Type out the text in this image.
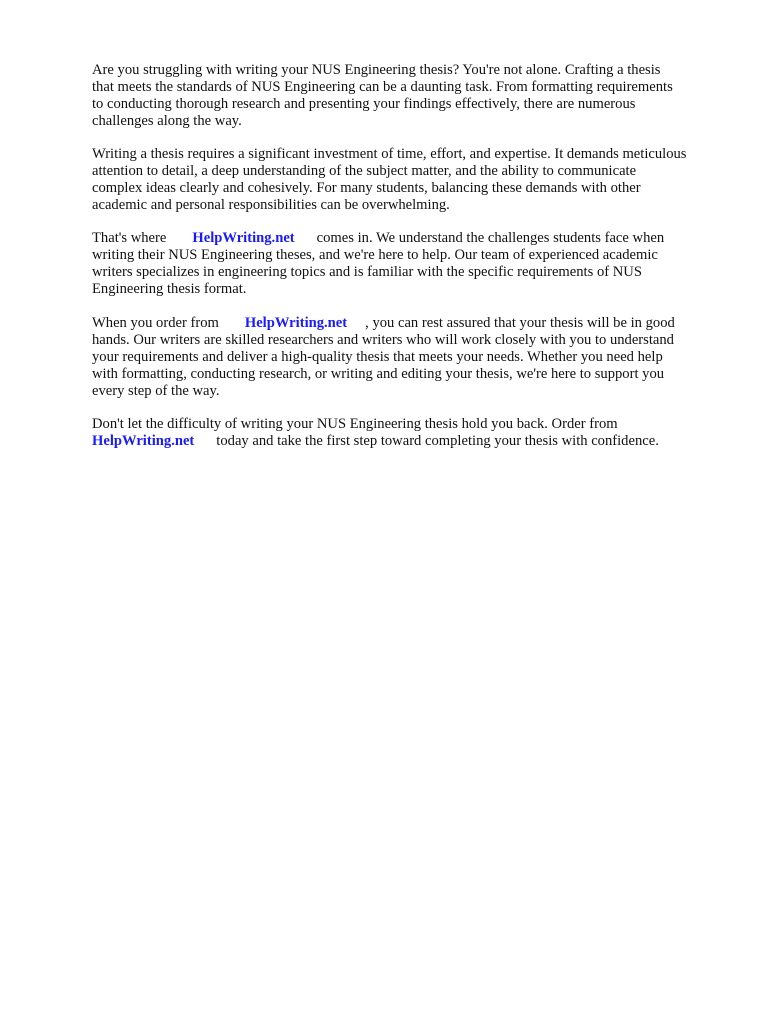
Are you struggling with writing your NUS Engineering thesis? You're not alone. Crafting a thesis
that meets the standards of NUS Engineering can be a daunting task. From formatting requirements
to conducting thorough research and presenting your findings effectively, there are numerous
challenges along the way.

Writing a thesis requires a significant investment of time, effort, and expertise. It demands meticulous
attention to detail, a deep understanding of the subject matter, and the ability to communicate
complex ideas clearly and cohesively. For many students, balancing these demands with other
academic and personal responsibilities can be overwhelming.

That's where HelpWriting.net comes in. We understand the challenges students face when
writing their NUS Engineering theses, and we're here to help. Our team of experienced academic
writers specializes in engineering topics and is familiar with the specific requirements of NUS
Engineering thesis format.

When you order from HelpWriting.net , you can rest assured that your thesis will be in good
hands. Our writers are skilled researchers and writers who will work closely with you to understand
your requirements and deliver a high-quality thesis that meets your needs. Whether you need help
with formatting, conducting research, or writing and editing your thesis, we're here to support you
every step of the way.

Don't let the difficulty of writing your NUS Engineering thesis hold you back. Order from
HelpWriting.net today and take the first step toward completing your thesis with confidence.
